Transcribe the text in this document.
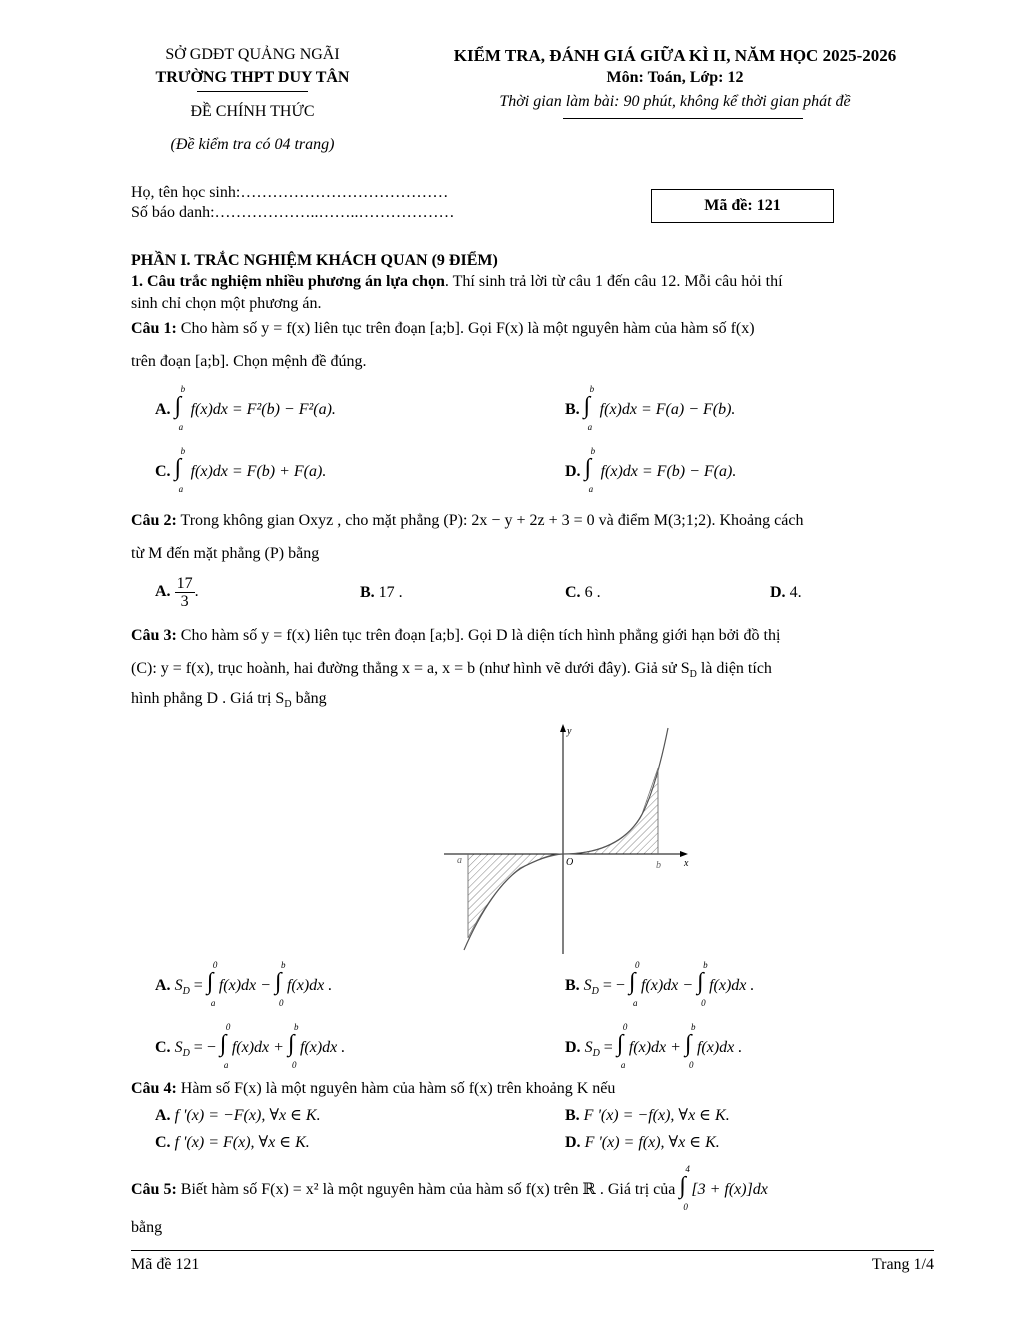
SỞ GDĐT QUẢNG NGÃI
TRƯỜNG THPT DUY TÂN
ĐỀ CHÍNH THỨC
(Đề kiểm tra có 04 trang)
KIỂM TRA, ĐÁNH GIÁ GIỮA KÌ II, NĂM HỌC 2025-2026
Môn: Toán, Lớp: 12
Thời gian làm bài: 90 phút, không kể thời gian phát đề
Họ, tên học sinh:…………………………………
Số báo danh:………………..……..………………	Mã đề: 121
PHẦN I. TRẮC NGHIỆM KHÁCH QUAN (9 ĐIỂM)
1. Câu trắc nghiệm nhiều phương án lựa chọn. Thí sinh trả lời từ câu 1 đến câu 12. Mỗi câu hỏi thí
sinh chỉ chọn một phương án.
Câu 1: Cho hàm số y = f(x) liên tục trên đoạn [a;b]. Gọi F(x) là một nguyên hàm của hàm số f(x)
trên đoạn [a;b]. Chọn mệnh đề đúng.
A. ∫
b
a
f(x)dx = F²(b) − F²(a).	B. ∫
b
a
f(x)dx = F(a) − F(b).
C. ∫
b
a
f(x)dx = F(b) + F(a).	D. ∫
b
a
f(x)dx = F(b) − F(a).
Câu 2: Trong không gian Oxyz , cho mặt phẳng (P): 2x − y + 2z + 3 = 0 và điểm M(3;1;2). Khoảng cách
từ M đến mặt phẳng (P) bằng
A. $\frac{17}{3}$ .	B. 17 .	C. 6 .	D. 4.
Câu 3: Cho hàm số y = f(x) liên tục trên đoạn [a;b]. Gọi D là diện tích hình phẳng giới hạn bởi đồ thị
(C): y = f(x), trục hoành, hai đường thẳng x = a, x = b (như hình vẽ dưới đây). Giả sử $S_D$ là diện tích
hình phẳng D . Giá trị $S_D$ bằng
y
x
O
a	b
A. $S_D$ = ∫
0
a
f(x)dx − ∫
b
0
f(x)dx .	B. $S_D$ = − ∫
0
a
f(x)dx − ∫
b
0
f(x)dx .
C. $S_D$ = − ∫
0
a
f(x)dx + ∫
b
0
f(x)dx .	D. $S_D$ = ∫
0
a
f(x)dx + ∫
b
0
f(x)dx .
Câu 4: Hàm số F(x) là một nguyên hàm của hàm số f(x) trên khoảng K nếu
A. f '(x) = −F(x), ∀x ∈ K.	B. F '(x) = −f(x), ∀x ∈ K.
C. f '(x) = F(x), ∀x ∈ K.	D. F '(x) = f(x), ∀x ∈ K.
Câu 5: Biết hàm số F(x) = x² là một nguyên hàm của hàm số f(x) trên ℝ . Giá trị của ∫
4
0
[3 + f(x)]dx
bằng
Mã đề 121	Trang 1/4
